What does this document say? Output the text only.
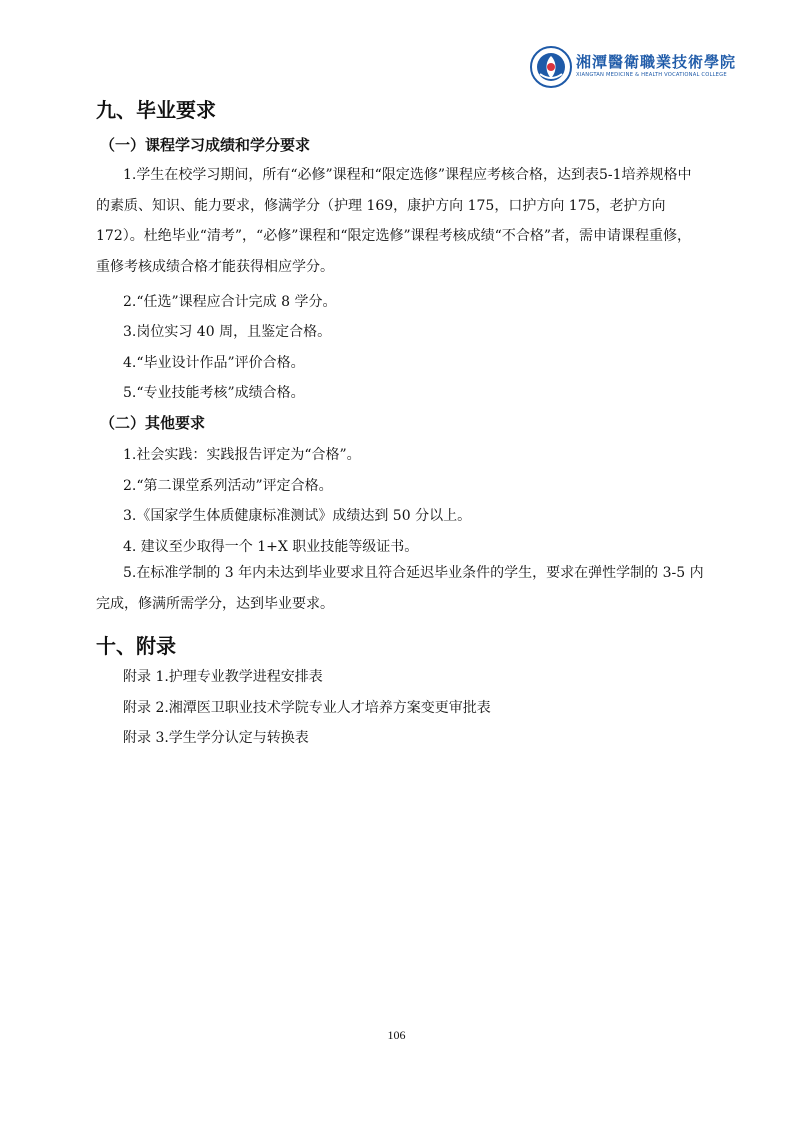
湘潭醫衛職業技術學院
XIANGTAN MEDICINE & HEALTH VOCATIONAL COLLEGE
九、毕业要求
（一）课程学习成绩和学分要求
1.学生在校学习期间，所有“必修”课程和“限定选修”课程应考核合格，达到表5-1培养规格中的素质、知识、能力要求，修满学分（护理 169，康护方向 175，口护方向 175，老护方向 172）。杜绝毕业“清考”，“必修”课程和“限定选修”课程考核成绩“不合格”者，需申请课程重修，重修考核成绩合格才能获得相应学分。
2.“任选”课程应合计完成 8 学分。
3.岗位实习 40 周，且鉴定合格。
4.“毕业设计作品”评价合格。
5.“专业技能考核”成绩合格。
（二）其他要求
1.社会实践：实践报告评定为“合格”。
2.“第二课堂系列活动”评定合格。
3.《国家学生体质健康标准测试》成绩达到 50 分以上。
4. 建议至少取得一个 1+X 职业技能等级证书。
5.在标准学制的 3 年内未达到毕业要求且符合延迟毕业条件的学生，要求在弹性学制的 3-5 内完成，修满所需学分，达到毕业要求。
十、附录
附录 1.护理专业教学进程安排表
附录 2.湘潭医卫职业技术学院专业人才培养方案变更审批表
附录 3.学生学分认定与转换表
106
